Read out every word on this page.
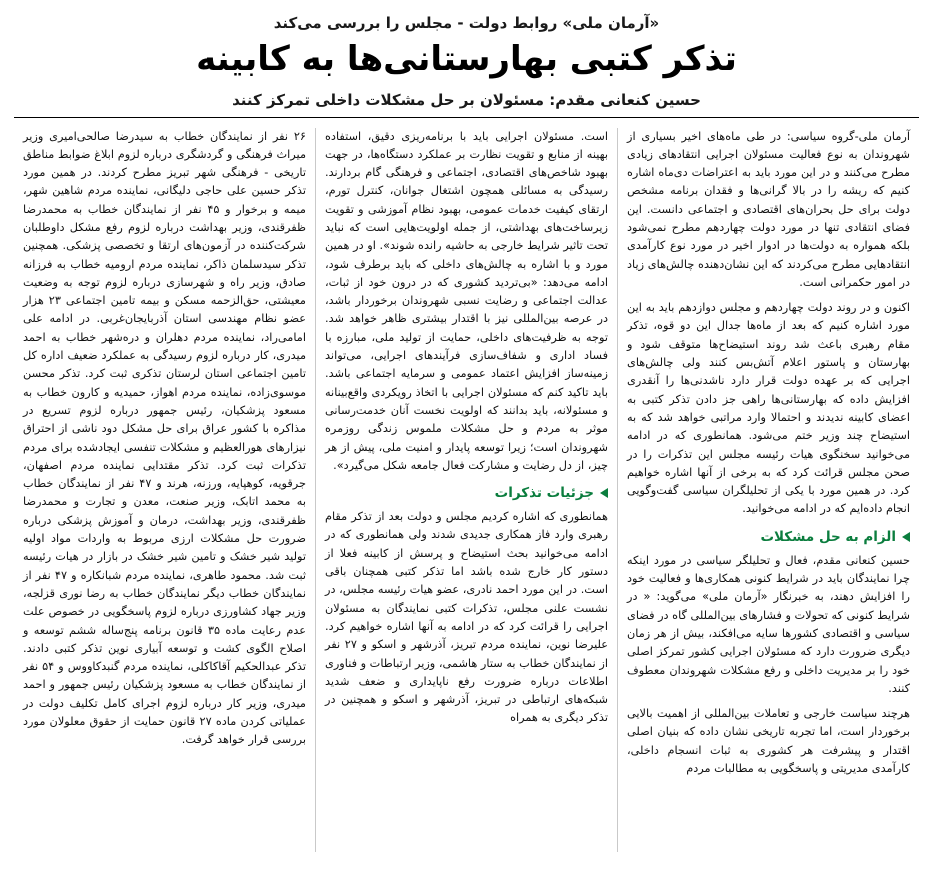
«آرمان ملی» روابط دولت - مجلس را بررسی می‌کند
تذکر کتبی بهارستانی‌ها به کابینه
حسین کنعانی مقدم: مسئولان بر حل مشکلات داخلی تمرکز کنند

آرمان ملی-گروه سیاسی: در طی ماه‌های اخیر بسیاری از شهروندان به نوع فعالیت مسئولان اجرایی انتقادهای زیادی مطرح می‌کنند و در این مورد باید به اعتراضات دی‌ماه اشاره کنیم که ریشه را در بالا گرانی‌ها و فقدان برنامه مشخص دولت برای حل بحران‌های اقتصادی و اجتماعی دانست. این فضای انتقادی تنها در مورد دولت چهاردهم مطرح نمی‌شود بلکه همواره به دولت‌ها در ادوار اخیر در مورد نوع کارآمدی انتقادهایی مطرح می‌کردند که این نشان‌دهنده چالش‌های زیاد در امور حکمرانی است.

اکنون و در روند دولت چهاردهم و مجلس دوازدهم باید به این مورد اشاره کنیم که بعد از ماه‌ها جدال این دو قوه، تذکر مقام رهبری باعث شد روند استیضاح‌ها متوقف شود و بهارستان و پاستور اعلام آتش‌بس کنند ولی چالش‌های اجرایی که بر عهده دولت قرار دارد ناشدنی‌ها را آنقدری افزایش داده که بهارستانی‌ها راهی جز دادن تذکر کتبی به اعضای کابینه ندیدند و احتمالا وارد مراتبی خواهد شد که به استیضاح چند وزیر ختم می‌شود. همانطوری که در ادامه می‌خوانید سخنگوی هیات رئیسه مجلس این تذکرات را در صحن مجلس قرائت کرد که به برخی از آنها اشاره خواهیم کرد. در همین مورد با یکی از تحلیلگران سیاسی گفت‌وگویی انجام داده‌ایم که در ادامه می‌خوانید.

الزام به حل مشکلات

حسین کنعانی مقدم، فعال و تحلیلگر سیاسی در مورد اینکه چرا نمایندگان باید در شرایط کنونی همکاری‌ها و فعالیت خود را افزایش دهند، به خبرنگار «آرمان ملی» می‌گوید: « در شرایط کنونی که تحولات و فشارهای بین‌المللی گاه در فضای سیاسی و اقتصادی کشورها سایه می‌افکند، بیش از هر زمان دیگری ضرورت دارد که مسئولان اجرایی کشور تمرکز اصلی خود را بر مدیریت داخلی و رفع مشکلات شهروندان معطوف کنند.

هرچند سیاست خارجی و تعاملات بین‌المللی از اهمیت بالایی برخوردار است، اما تجربه تاریخی نشان داده که بنیان اصلی اقتدار و پیشرفت هر کشوری به ثبات انسجام داخلی، کارآمدی مدیریتی و پاسخگویی به مطالبات مردم

است. مسئولان اجرایی باید با برنامه‌ریزی دقیق، استفاده بهینه از منابع و تقویت نظارت بر عملکرد دستگاه‌ها، در جهت بهبود شاخص‌های اقتصادی، اجتماعی و فرهنگی گام بردارند. رسیدگی به مسائلی همچون اشتغال جوانان، کنترل تورم، ارتقای کیفیت خدمات عمومی، بهبود نظام آموزشی و تقویت زیرساخت‌های بهداشتی، از جمله اولویت‌هایی است که نباید تحت تاثیر شرایط خارجی به حاشیه رانده شوند». او در همین مورد و با اشاره به چالش‌های داخلی که باید برطرف شود، ادامه می‌دهد: «بی‌تردید کشوری که در درون خود از ثبات، عدالت اجتماعی و رضایت نسبی شهروندان برخوردار باشد، در عرصه بین‌المللی نیز با اقتدار بیشتری ظاهر خواهد شد. توجه به ظرفیت‌های داخلی، حمایت از تولید ملی، مبارزه با فساد اداری و شفاف‌سازی فرآیندهای اجرایی، می‌تواند زمینه‌ساز افزایش اعتماد عمومی و سرمایه اجتماعی باشد. باید تاکید کنم که مسئولان اجرایی با اتخاذ رویکردی واقع‌بینانه و مسئولانه، باید بدانند که اولویت نخست آنان خدمت‌رسانی موثر به مردم و حل مشکلات ملموس زندگی روزمره شهروندان است؛ زیرا توسعه پایدار و امنیت ملی، پیش از هر چیز، از دل رضایت و مشارکت فعال جامعه شکل می‌گیرد».

جزئیات تذکرات

همانطوری که اشاره کردیم مجلس و دولت بعد از تذکر مقام رهبری وارد فاز همکاری جدیدی شدند ولی همانطوری که در ادامه می‌خوانید بحث استیضاح و پرسش از کابینه فعلا از دستور کار خارج شده باشد اما تذکر کتبی همچنان باقی است. در این مورد احمد نادری، عضو هیات رئیسه مجلس، در نشست علنی مجلس، تذکرات کتبی نمایندگان به مسئولان اجرایی را قرائت کرد که در ادامه به آنها اشاره خواهیم کرد. علیرضا نوین، نماینده مردم تبریز، آذرشهر و اسکو و ۲۷ نفر از نمایندگان خطاب به ستار هاشمی، وزیر ارتباطات و فناوری اطلاعات درباره ضرورت رفع ناپایداری و ضعف شدید شبکه‌های ارتباطی در تبریز، آذرشهر و اسکو و همچنین در تذکر دیگری به همراه

۲۶ نفر از نمایندگان خطاب به سیدرضا صالحی‌امیری وزیر میراث فرهنگی و گردشگری درباره لزوم ابلاغ ضوابط مناطق تاریخی - فرهنگی شهر تبریز مطرح کردند. در همین مورد تذکر حسین علی حاجی دلیگانی، نماینده مردم شاهین شهر، میمه و برخوار و ۴۵ نفر از نمایندگان خطاب به محمدرضا ظفرقندی، وزیر بهداشت درباره لزوم رفع مشکل داوطلبان شرکت‌کننده در آزمون‌های ارتقا و تخصصی پزشکی. همچنین تذکر سیدسلمان ذاکر، نماینده مردم ارومیه خطاب به فرزانه صادق، وزیر راه و شهرسازی درباره لزوم توجه به وضعیت معیشتی، حق‌الزحمه مسکن و بیمه تامین اجتماعی ۲۳ هزار عضو نظام مهندسی استان آذربایجان‌غربی. در ادامه علی امامی‌راد، نماینده مردم دهلران و دره‌شهر خطاب به احمد میدری، کار درباره لزوم رسیدگی به عملکرد ضعیف اداره کل تامین اجتماعی استان لرستان تذکری ثبت کرد. تذکر محسن موسوی‌زاده، نماینده مردم اهواز، حمیدیه و کارون خطاب به مسعود پزشکیان، رئیس جمهور درباره لزوم تسریع در مذاکره با کشور عراق برای حل مشکل دود ناشی از احتراق نیزارهای هورالعظیم و مشکلات تنفسی ایجادشده برای مردم تذکرات ثبت کرد. تذکر مقتدایی نماینده مردم اصفهان، جرقویه، کوهپایه، ورزنه، هرند و ۴۷ نفر از نمایندگان خطاب به محمد اتابک، وزیر صنعت، معدن و تجارت و محمدرضا ظفرقندی، وزیر بهداشت، درمان و آموزش پزشکی درباره ضرورت حل مشکلات ارزی مربوط به واردات مواد اولیه تولید شیر خشک و تامین شیر خشک در بازار در هیات رئیسه ثبت شد. محمود طاهری، نماینده مردم شبانکاره و ۴۷ نفر از نمایندگان خطاب دیگر نمایندگان خطاب به رضا نوری قزلجه، وزیر جهاد کشاورزی درباره لزوم پاسخگویی در خصوص علت عدم رعایت ماده ۳۵ قانون برنامه پنج‌ساله ششم توسعه و اصلاح الگوی کشت و توسعه آبیاری نوین تذکر کتبی دادند. تذکر عبدالحکیم آقاکاکلی، نماینده مردم گنبدکاووس و ۵۴ نفر از نمایندگان خطاب به مسعود پزشکیان رئیس جمهور و احمد میدری، وزیر کار درباره لزوم اجرای کامل تکلیف دولت در عملیاتی کردن ماده ۲۷ قانون حمایت از حقوق معلولان مورد بررسی قرار خواهد گرفت.
